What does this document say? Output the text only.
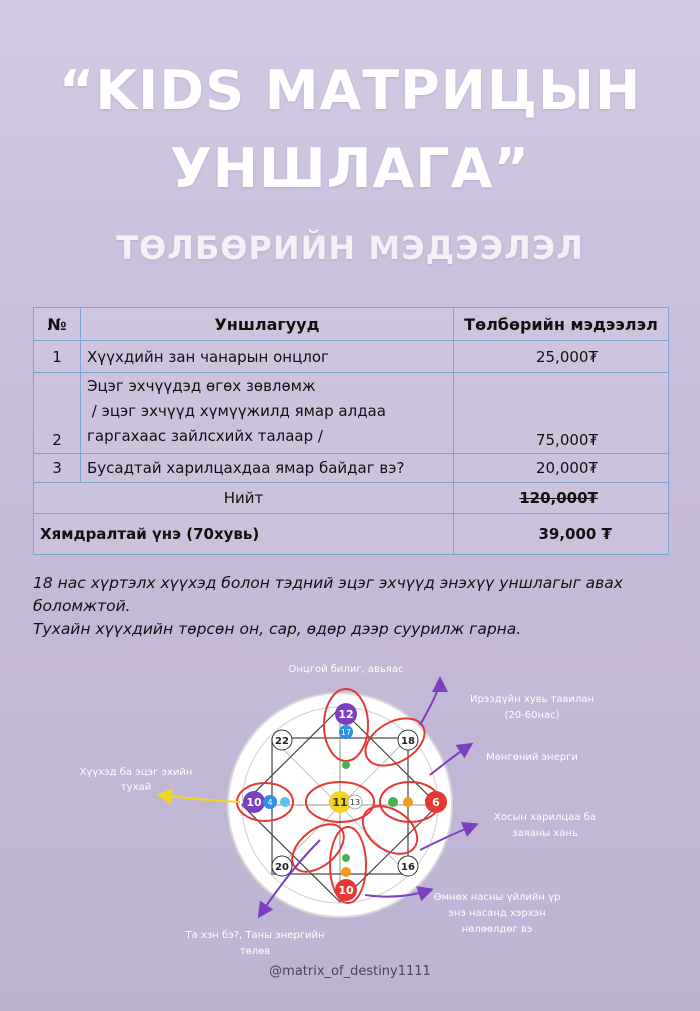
“KIDS МАТРИЦЫН
УНШЛАГА”
ТӨЛБӨРИЙН МЭДЭЭЛЭЛ
№	Уншлагууд	Төлбөрийн мэдээлэл
1	Хүүхдийн зан чанарын онцлог	25,000₮
2	Эцэг эхчүүдэд өгөх зөвлөмж
/ эцэг эхчүүд хүмүүжилд ямар алдаа
гаргахаас зайлсхийх талаар /	75,000₮
3	Бусадтай харилцахдаа ямар байдаг вэ?	20,000₮
Нийт		120,000₮
Хямдралтай үнэ (70хувь)		39,000 ₮

18 нас хүртэлх хүүхэд болон тэдний эцэг эхчүүд энэхүү уншлагыг авах боломжтой.

Тухайн хүүхдийн төрсөн он, сар, өдөр дээр суурилж гарна.

12
17
11 13
10 4	6
10
22	18
20	16
Онцгой билиг, авьяас
Ирээдүйн хувь тавилан
(20-60нас)
Мөнгөний энерги
Хүүхэд ба эцэг эхийн
тухай
Хосын харилцаа ба
заяаны хань
Өмнөх насны үйлийн үр
энэ насанд хэрхэн
нөлөөлдөг вэ
Та хэн бэ?, Таны энергийн
төлөв
@matrix_of_destiny1111
